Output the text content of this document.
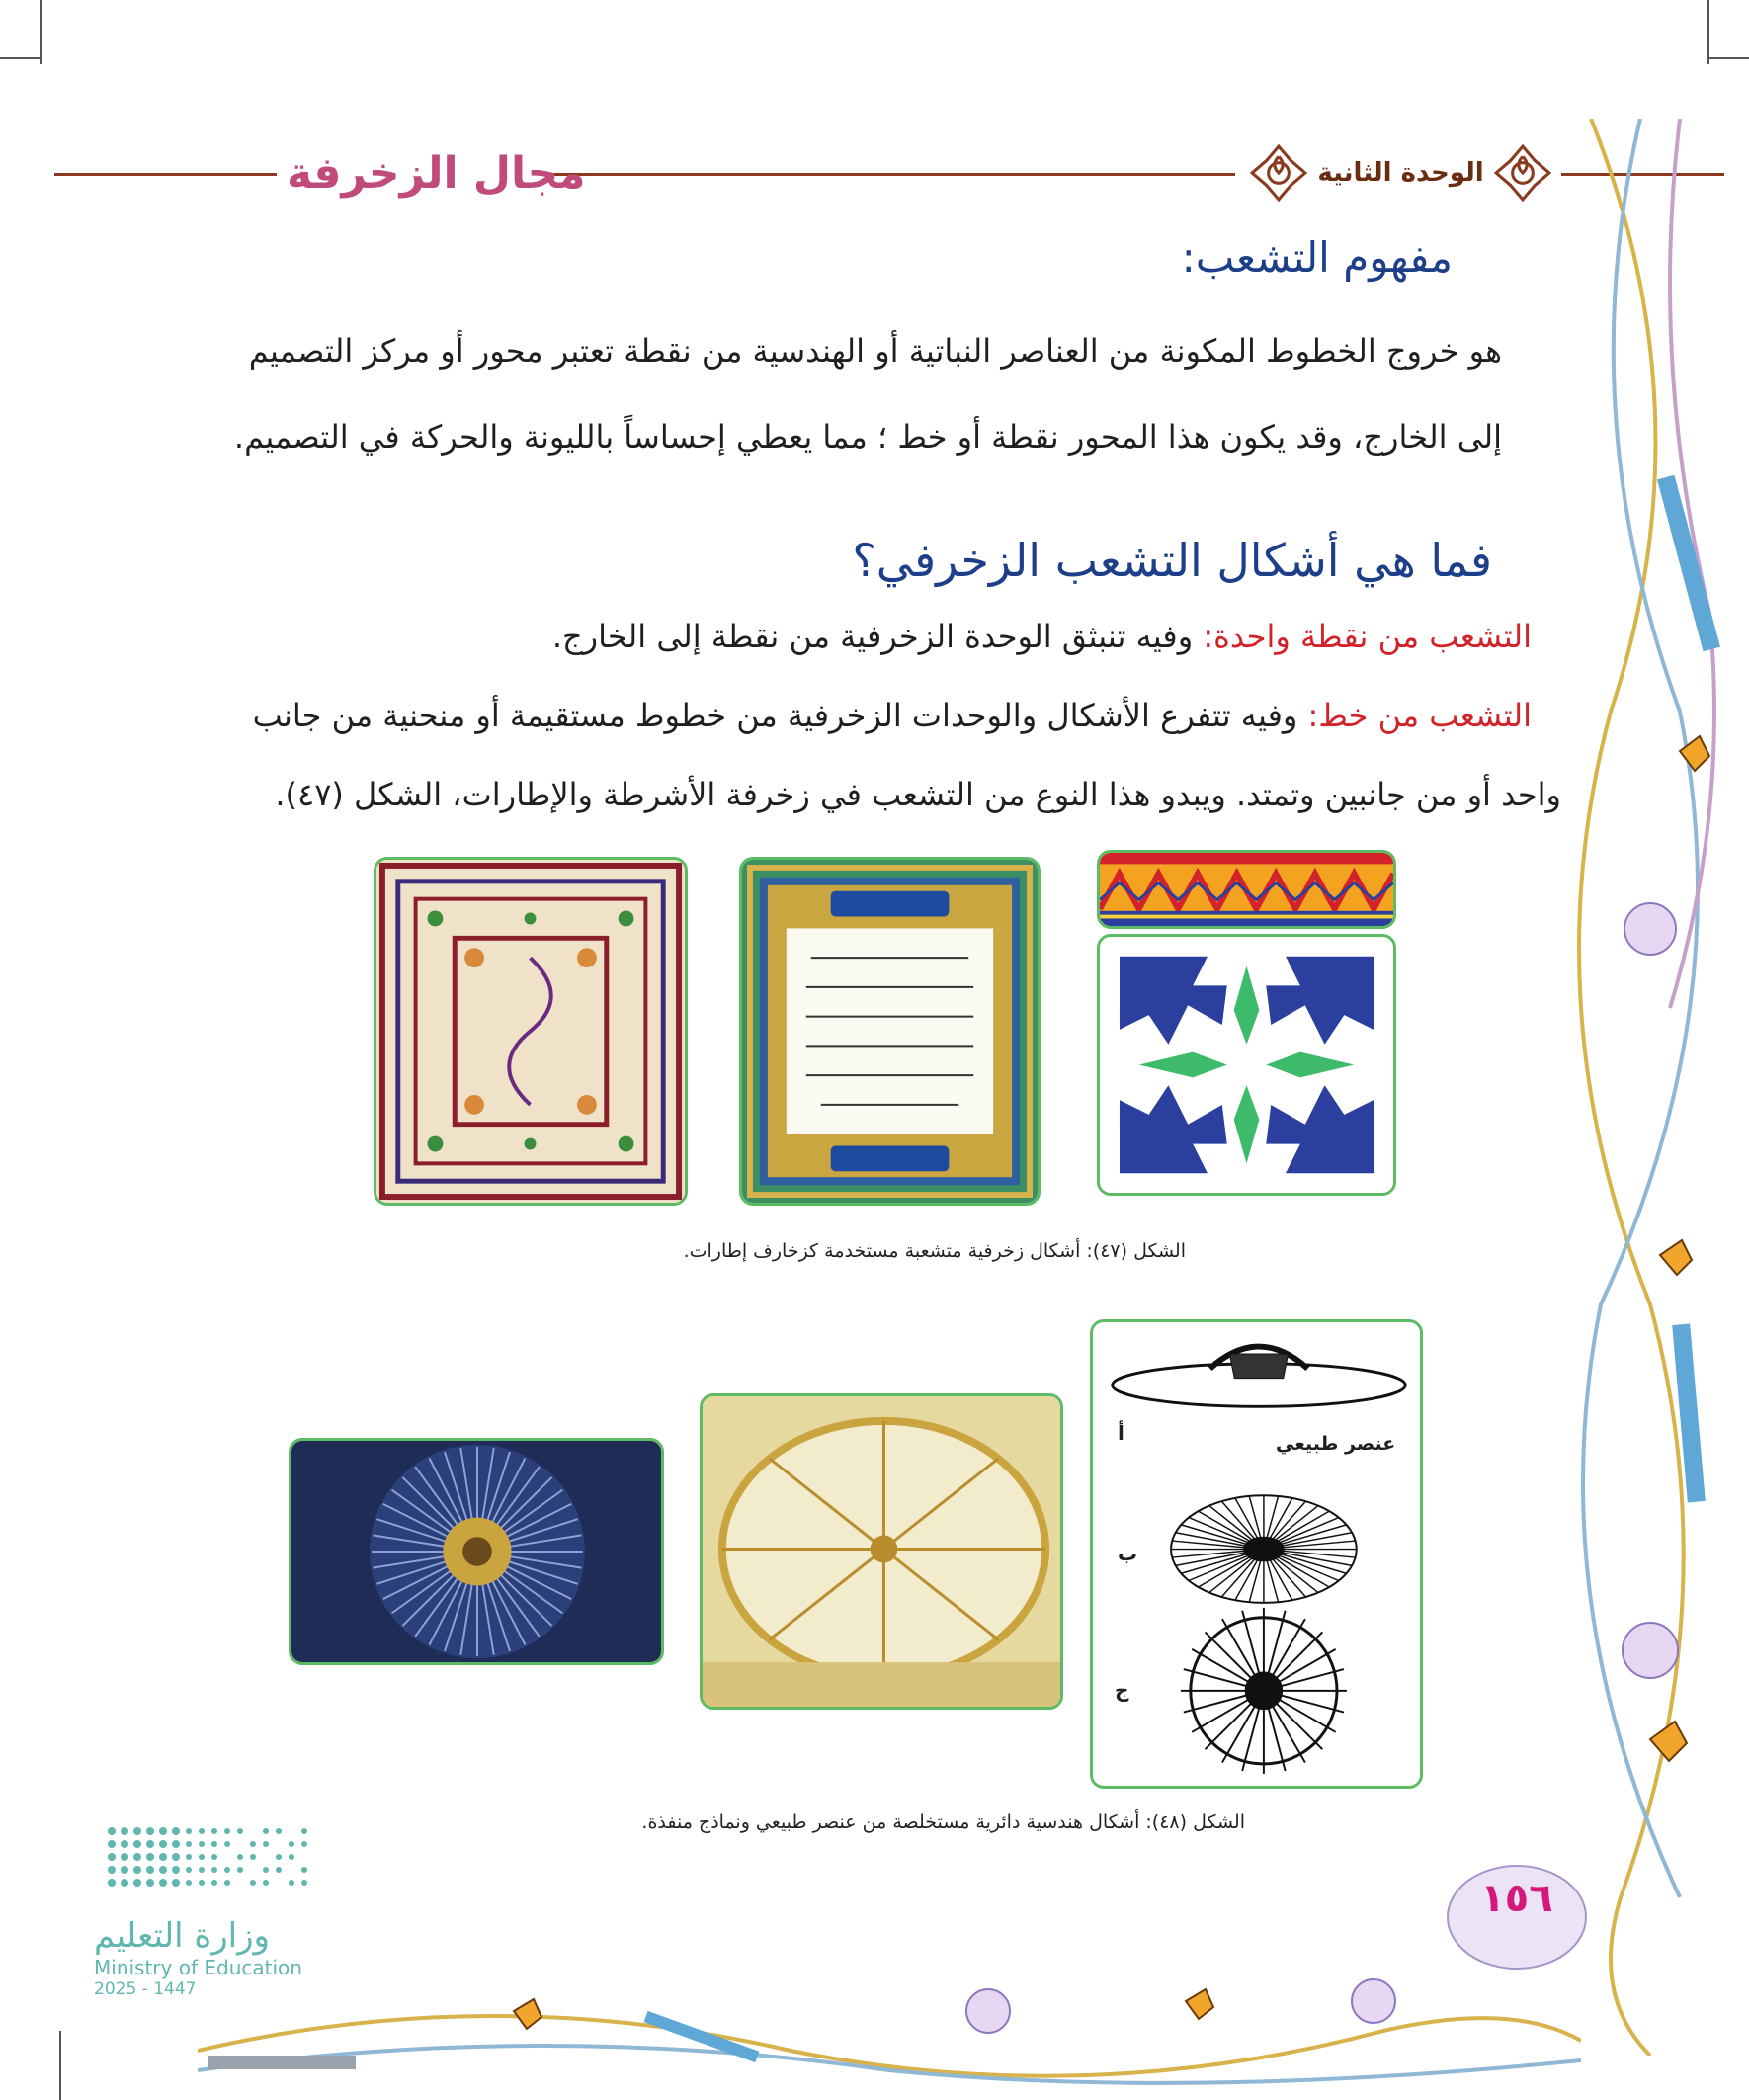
مجال الزخرفة	الوحدة الثانية
مفهوم التشعب:
هو خروج الخطوط المكونة من العناصر النباتية أو الهندسية من نقطة تعتبر محور أو مركز التصميم
إلى الخارج، وقد يكون هذا المحور نقطة أو خط ؛ مما يعطي إحساساً بالليونة والحركة في التصميم.
فما هي أشكال التشعب الزخرفي؟
التشعب من نقطة واحدة: وفيه تنبثق الوحدة الزخرفية من نقطة إلى الخارج.
التشعب من خط: وفيه تتفرع الأشكال والوحدات الزخرفية من خطوط مستقيمة أو منحنية من جانب
واحد أو من جانبين وتمتد. ويبدو هذا النوع من التشعب في زخرفة الأشرطة والإطارات، الشكل (٤٧).
الشكل (٤٧): أشكال زخرفية متشعبة مستخدمة كزخارف إطارات.
عنصر طبيعي
أ
ب
ج
الشكل (٤٨): أشكال هندسية دائرية مستخلصة من عنصر طبيعي ونماذج منفذة.
١٥٦
وزارة التعليم
Ministry of Education
2025 - 1447
